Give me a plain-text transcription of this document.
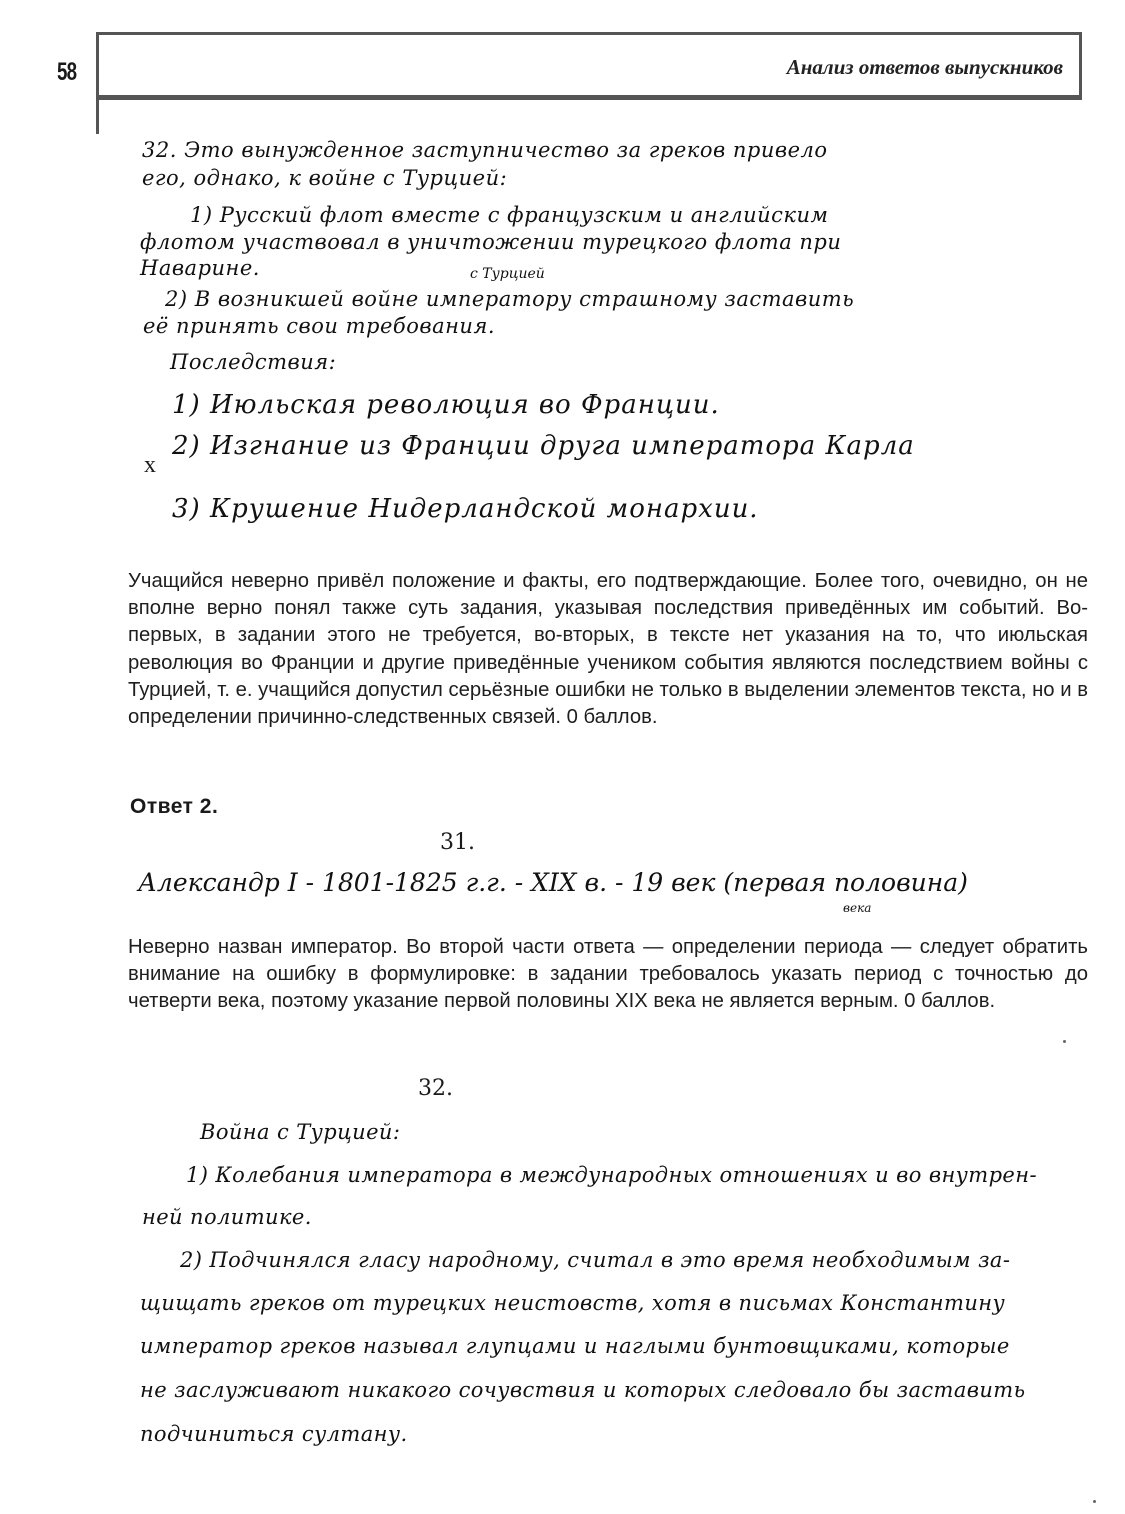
58	Анализ ответов выпускников
32. Это вынужденное заступничество за греков привело
его, однако, к войне с Турцией:
1) Русский флот вместе с французским и английским
флотом участвовал в уничтожении турецкого флота при
Наварине.	с Турцией
2) В возникшей войне императору страшному заставить
её принять свои требования.
Последствия:
1) Июльская революция во Франции.
2) Изгнание из Франции друга императора Карла
x
3) Крушение Нидерландской монархии.

Учащийся неверно привёл положение и факты, его подтверждающие. Более того, очевидно, он не вполне верно понял также суть задания, указывая последствия приведённых им событий. Во-первых, в задании этого не требуется, во-вторых, в тексте нет указания на то, что июльская революция во Франции и другие приведённые учеником события являются последствием войны с Турцией, т. е. учащийся допустил серьёзные ошибки не только в выделении элементов текста, но и в определении причинно-следственных связей. 0 баллов.

Ответ 2.

31.
Александр I - 1801-1825 г.г. - XIX в. - 19 век (первая половина)
века

Неверно назван император. Во второй части ответа — определении периода — следует обратить внимание на ошибку в формулировке: в задании требовалось указать период с точностью до четверти века, поэтому указание первой половины XIX века не является верным. 0 баллов.

32.
Война с Турцией:
1) Колебания императора в международных отношениях и во внутрен-
ней политике.
2) Подчинялся гласу народному, считал в это время необходимым за-
щищать греков от турецких неистовств, хотя в письмах Константину
император греков называл глупцами и наглыми бунтовщиками, которые
не заслуживают никакого сочувствия и которых следовало бы заставить
подчиниться султану.
